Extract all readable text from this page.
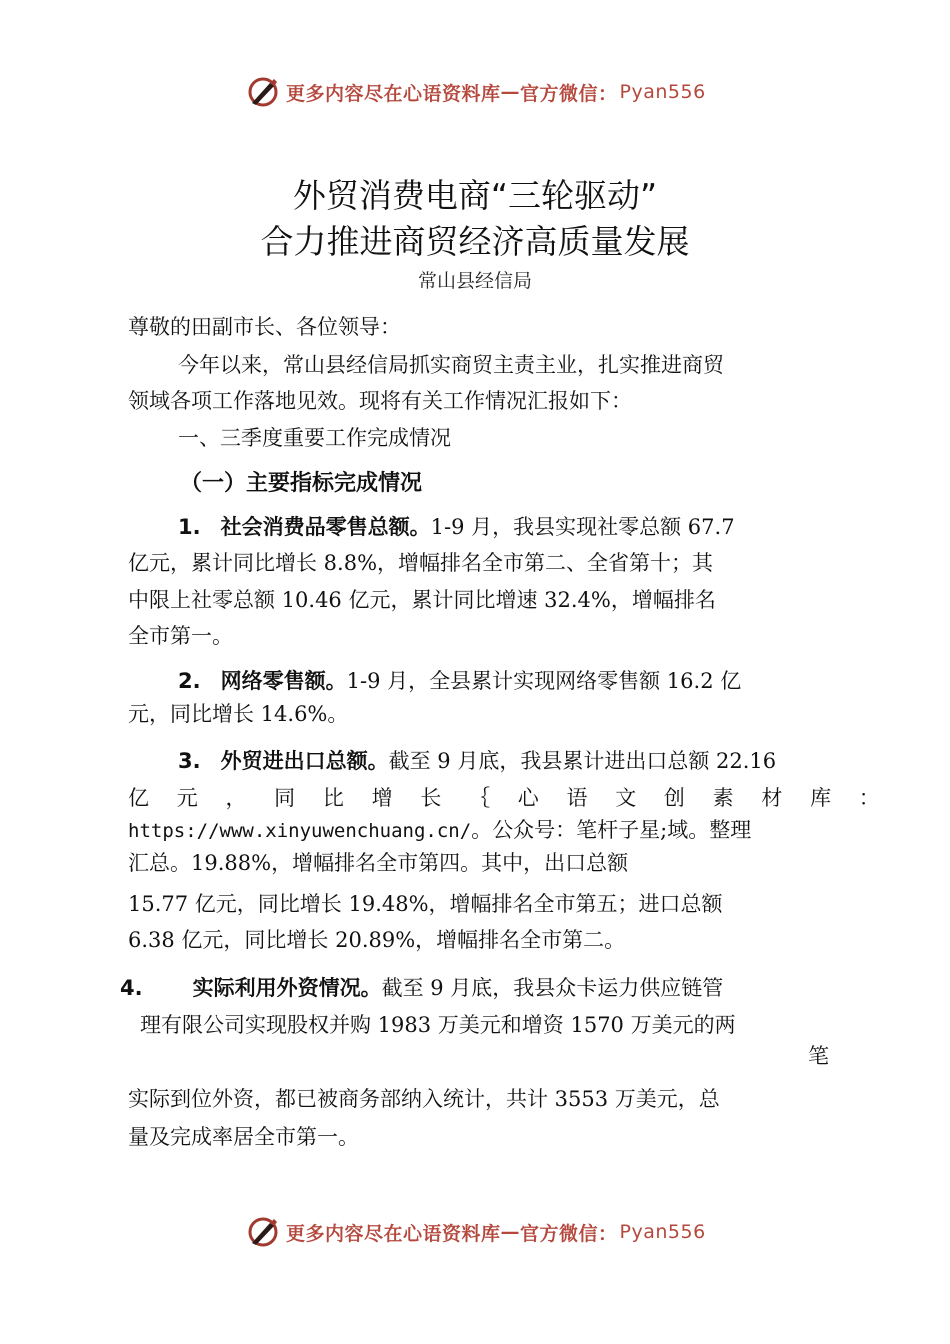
更多内容尽在心语资料库 — 官方微信： Pyan556
外贸消费电商“三轮驱动”
合力推进商贸经济高质量发展
常山县经信局
尊敬的田副市长、各位领导：
今年以来，常山县经信局抓实商贸主责主业，扎实推进商贸
领域各项工作落地见效。现将有关工作情况汇报如下：
一、三季度重要工作完成情况
（一）主要指标完成情况
1. 社会消费品零售总额。1-9 月，我县实现社零总额 67.7
亿元，累计同比增长 8.8%，增幅排名全市第二、全省第十；其
中限上社零总额 10.46 亿元，累计同比增速 32.4%，增幅排名
全市第一。
2. 网络零售额。1-9 月，全县累计实现网络零售额 16.2 亿
元，同比增长 14.6%。
3. 外贸进出口总额。截至 9 月底，我县累计进出口总额 22.16
亿 元 ， 同 比 增 长 ｛ 心 语 文 创 素 材 库 ：
https://www.xinyuwenchuang.cn/。公众号：笔杆子星;域。整理
汇总。19.88%，增幅排名全市第四。其中，出口总额
15.77 亿元，同比增长 19.48%，增幅排名全市第五；进口总额
6.38 亿元，同比增长 20.89%，增幅排名全市第二。
4. 实际利用外资情况。截至 9 月底，我县众卡运力供应链管
理有限公司实现股权并购 1983 万美元和增资 1570 万美元的两
笔
实际到位外资，都已被商务部纳入统计，共计 3553 万美元，总
量及完成率居全市第一。
更多内容尽在心语资料库 — 官方微信： Pyan556
